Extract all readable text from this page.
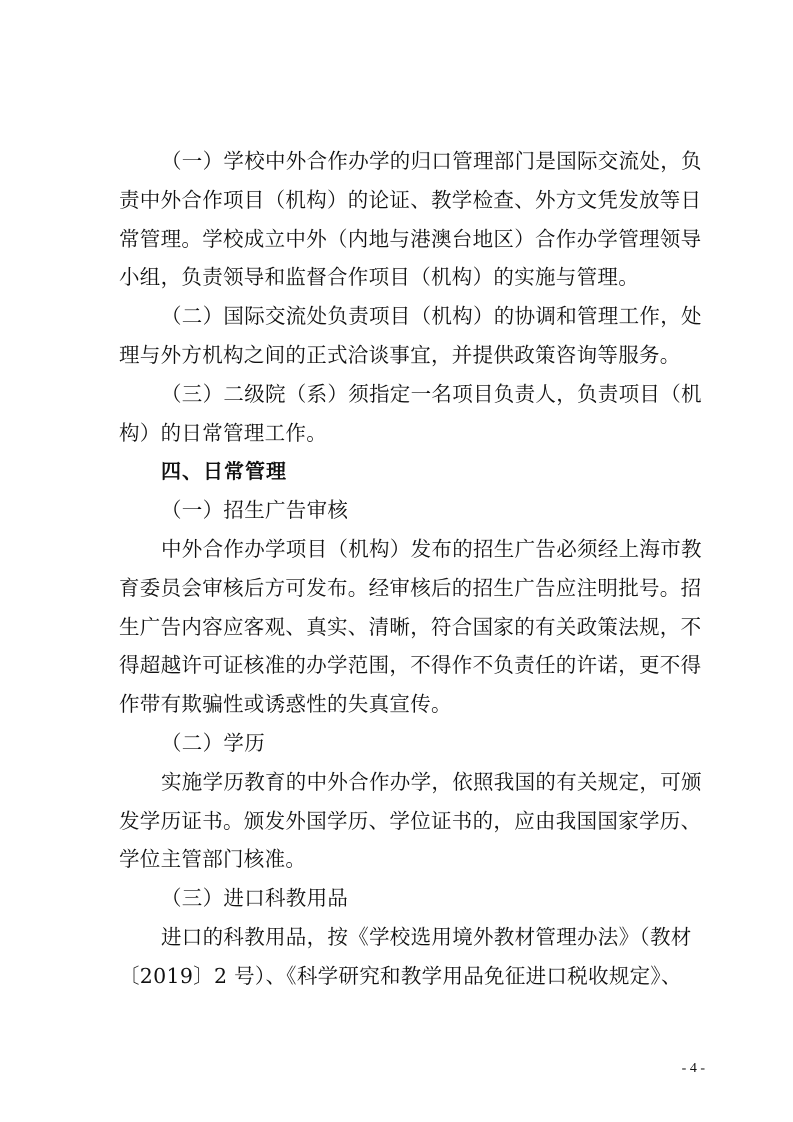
（一）学校中外合作办学的归口管理部门是国际交流处，负
责中外合作项目（机构）的论证、教学检查、外方文凭发放等日
常管理。学校成立中外（内地与港澳台地区）合作办学管理领导
小组，负责领导和监督合作项目（机构）的实施与管理。
（二）国际交流处负责项目（机构）的协调和管理工作，处
理与外方机构之间的正式洽谈事宜，并提供政策咨询等服务。
（三）二级院（系）须指定一名项目负责人，负责项目（机
构）的日常管理工作。
四、日常管理
（一）招生广告审核
中外合作办学项目（机构）发布的招生广告必须经上海市教
育委员会审核后方可发布。经审核后的招生广告应注明批号。招
生广告内容应客观、真实、清晰，符合国家的有关政策法规，不
得超越许可证核准的办学范围，不得作不负责任的许诺，更不得
作带有欺骗性或诱惑性的失真宣传。
（二）学历
实施学历教育的中外合作办学，依照我国的有关规定，可颁
发学历证书。颁发外国学历、学位证书的，应由我国国家学历、
学位主管部门核准。
（三）进口科教用品
进口的科教用品，按《学校选用境外教材管理办法》（教材
〔2019〕2 号）、《科学研究和教学用品免征进口税收规定》、
- 4 -
